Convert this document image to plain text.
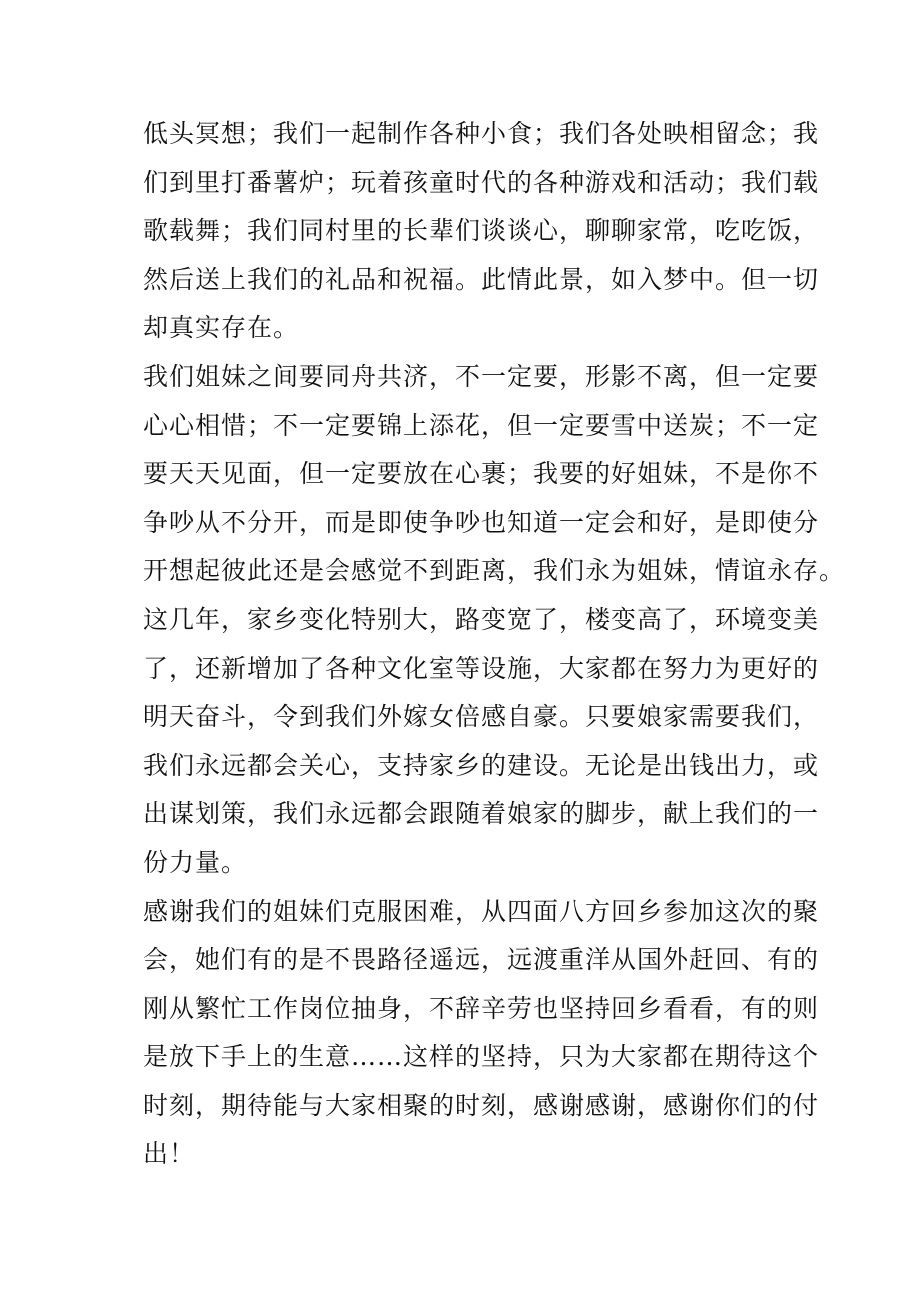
低头冥想；我们一起制作各种小食；我们各处映相留念；我
们到里打番薯炉；玩着孩童时代的各种游戏和活动；我们载
歌载舞；我们同村里的长辈们谈谈心，聊聊家常，吃吃饭，
然后送上我们的礼品和祝福。此情此景，如入梦中。但一切
却真实存在。
我们姐妹之间要同舟共济，不一定要，形影不离，但一定要
心心相惜；不一定要锦上添花，但一定要雪中送炭；不一定
要天天见面，但一定要放在心裹；我要的好姐妹，不是你不
争吵从不分开，而是即使争吵也知道一定会和好，是即使分
开想起彼此还是会感觉不到距离，我们永为姐妹，情谊永存。
这几年，家乡变化特别大，路变宽了，楼变高了，环境变美
了，还新增加了各种文化室等设施，大家都在努力为更好的
明天奋斗，令到我们外嫁女倍感自豪。只要娘家需要我们，
我们永远都会关心，支持家乡的建设。无论是出钱出力，或
出谋划策，我们永远都会跟随着娘家的脚步，献上我们的一
份力量。
感谢我们的姐妹们克服困难，从四面八方回乡参加这次的聚
会，她们有的是不畏路径遥远，远渡重洋从国外赶回、有的
刚从繁忙工作岗位抽身，不辞辛劳也坚持回乡看看，有的则
是放下手上的生意……这样的坚持，只为大家都在期待这个
时刻，期待能与大家相聚的时刻，感谢感谢，感谢你们的付
出！
